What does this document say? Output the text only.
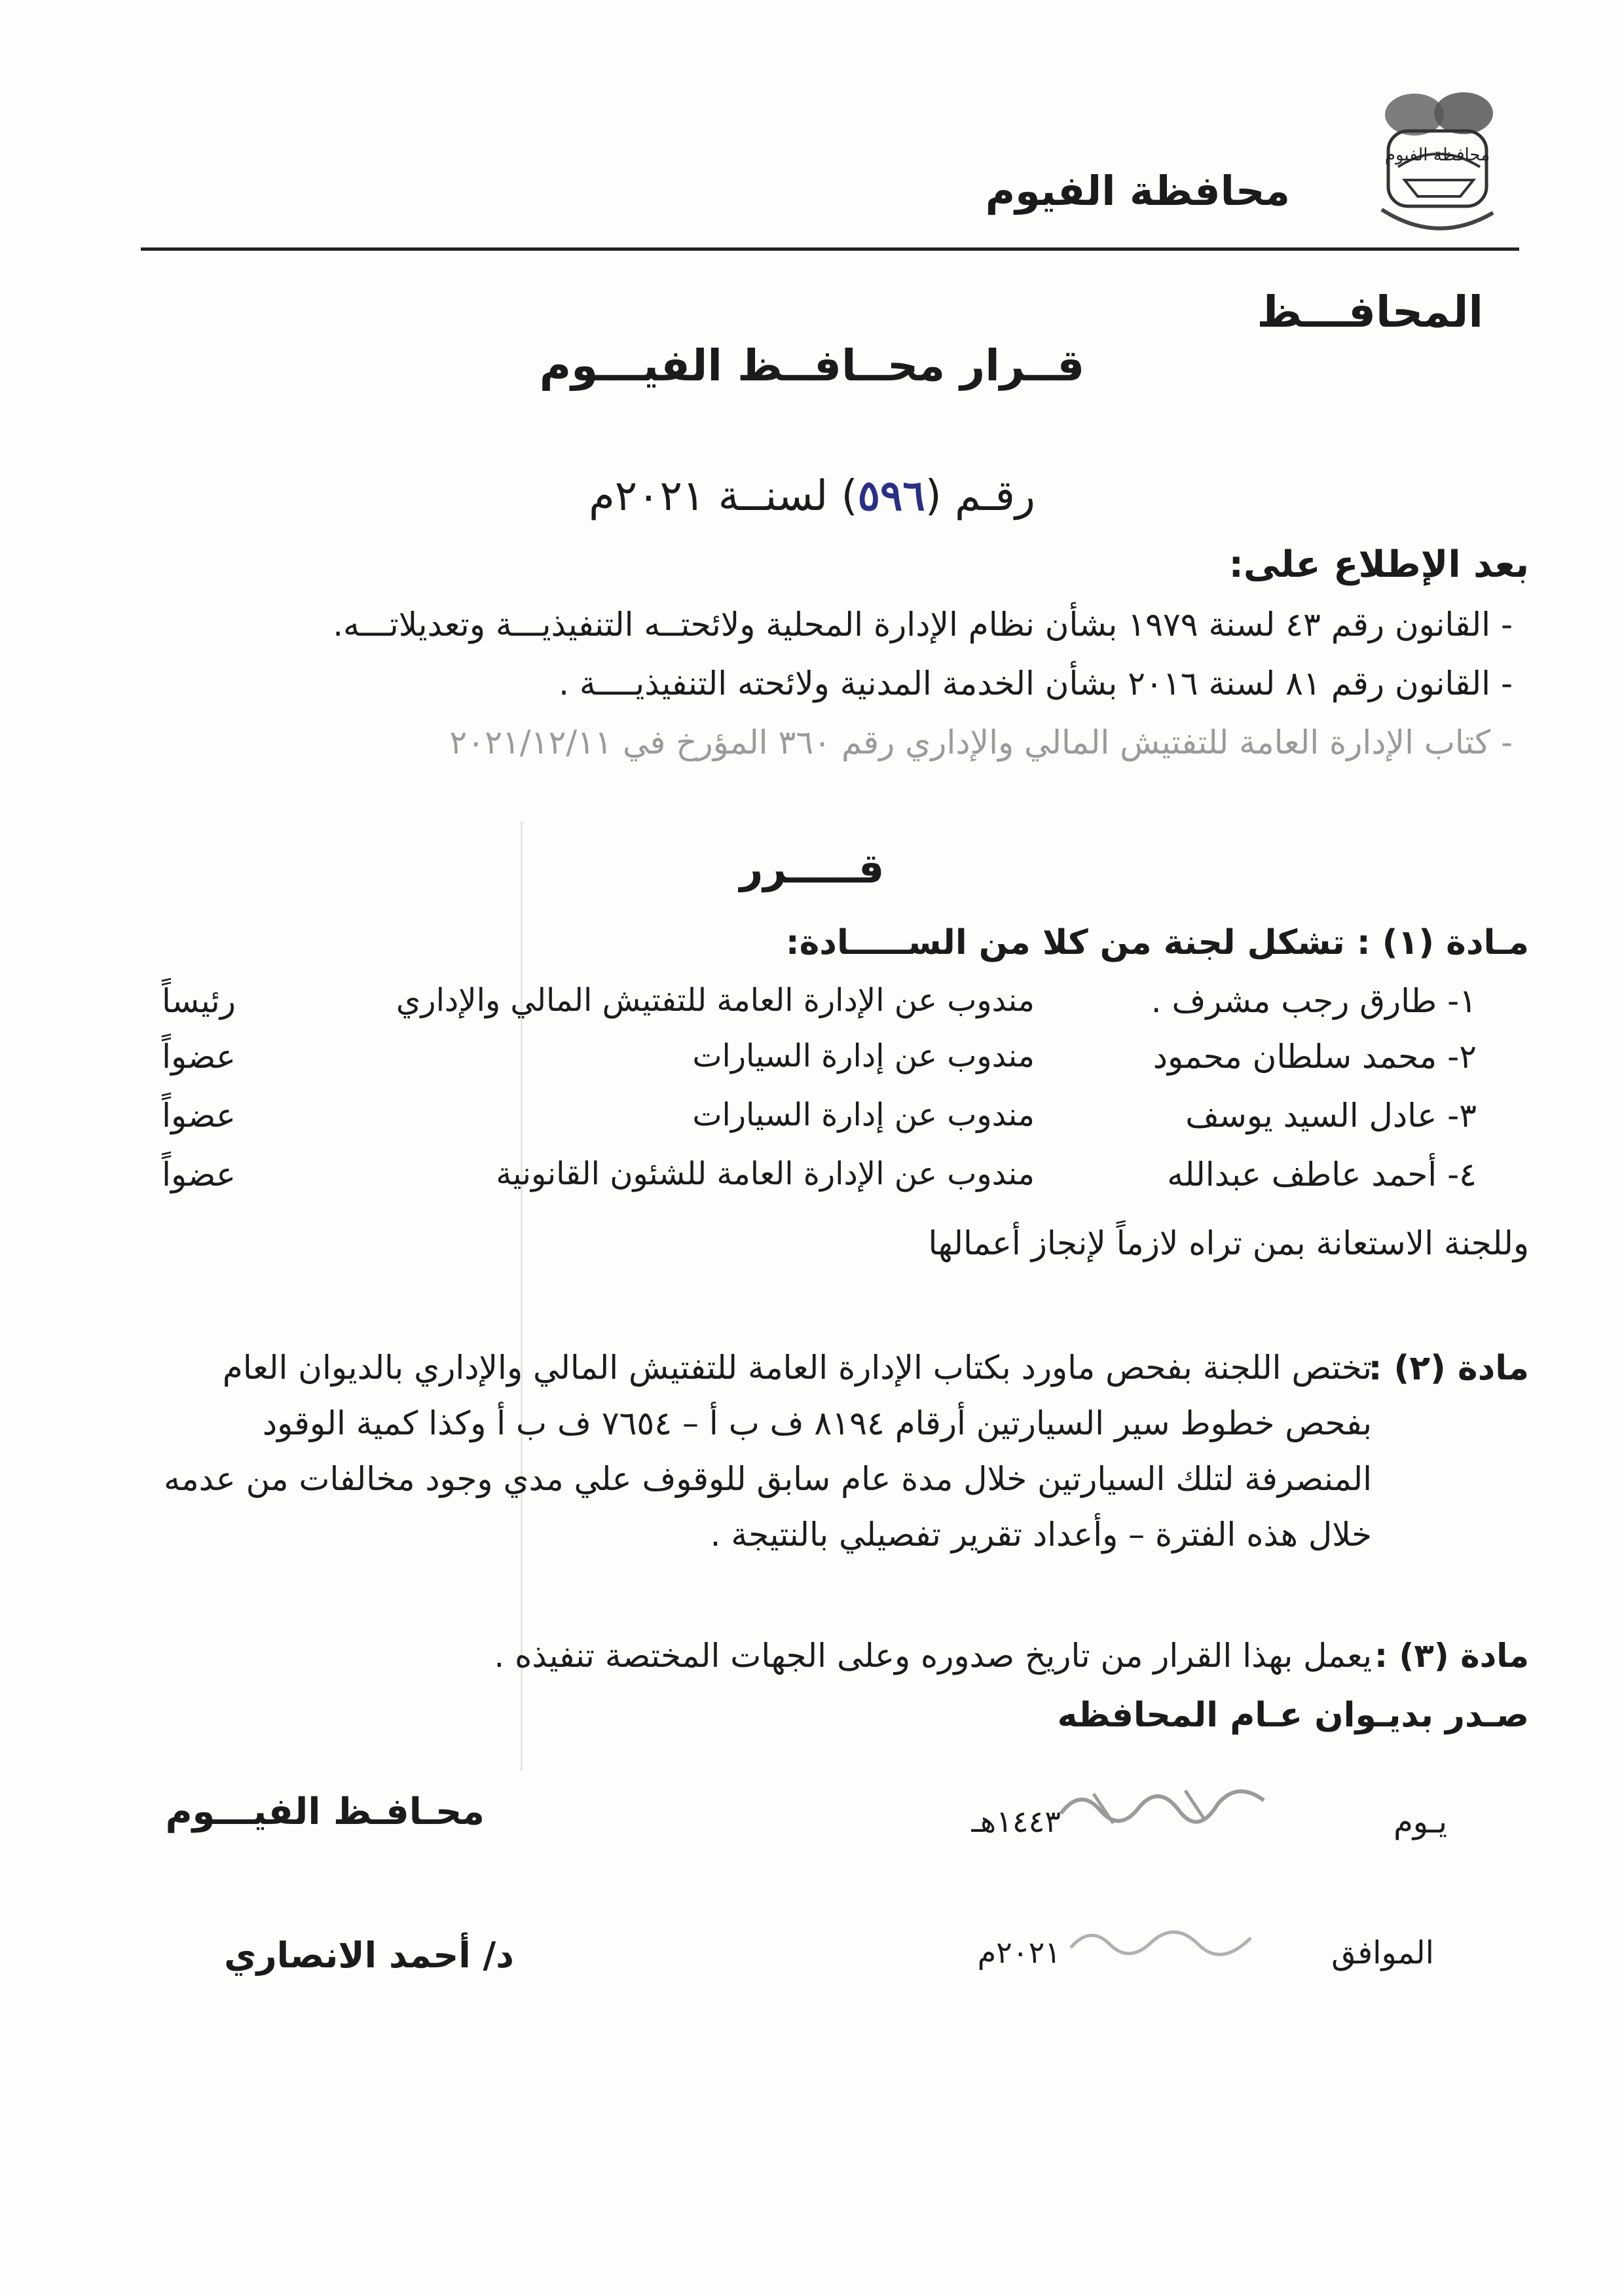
محافظة الفيوم
محافظة الفيوم
المحافـــظ
قــرار محــافــظ الفيـــوم
رقـم (٥٩٦) لسنــة ٢٠٢١م
بعد الإطلاع على:
- القانون رقم ٤٣ لسنة ١٩٧٩ بشأن نظام الإدارة المحلية ولائحتــه التنفيذيـــة وتعديلاتـــه.
- القانون رقم ٨١ لسنة ٢٠١٦ بشأن الخدمة المدنية ولائحته التنفيذيــــة .
- كتاب الإدارة العامة للتفتيش المالي والإداري رقم ٣٦٠ المؤرخ في ٢٠٢١/١٢/١١
قـــــرر
مـادة (١) : تشكل لجنة من كلا من الســـــادة:
١- طارق رجب مشرف .
مندوب عن الإدارة العامة للتفتيش المالي والإداري
رئيساً
٢- محمد سلطان محمود
مندوب عن إدارة السيارات
عضواً
٣- عادل السيد يوسف
مندوب عن إدارة السيارات
عضواً
٤- أحمد عاطف عبدالله
مندوب عن الإدارة العامة للشئون القانونية
عضواً
وللجنة الاستعانة بمن تراه لازماً لإنجاز أعمالها
مادة (٢) :
تختص اللجنة بفحص ماورد بكتاب الإدارة العامة للتفتيش المالي والإداري بالديوان العام
بفحص خطوط سير السيارتين أرقام ٨١٩٤ ف ب أ – ٧٦٥٤ ف ب أ وكذا كمية الوقود
المنصرفة لتلك السيارتين خلال مدة عام سابق للوقوف علي مدي وجود مخالفات من عدمه
خلال هذه الفترة – وأعداد تقرير تفصيلي بالنتيجة .
مادة (٣) :
يعمل بهذا القرار من تاريخ صدوره وعلى الجهات المختصة تنفيذه .
صـدر بديـوان عـام المحافظه
يـوم
١٤٤٣هـ
الموافق
٢٠٢١م
محـافـظ الفيـــوم
د/ أحمد الانصاري
